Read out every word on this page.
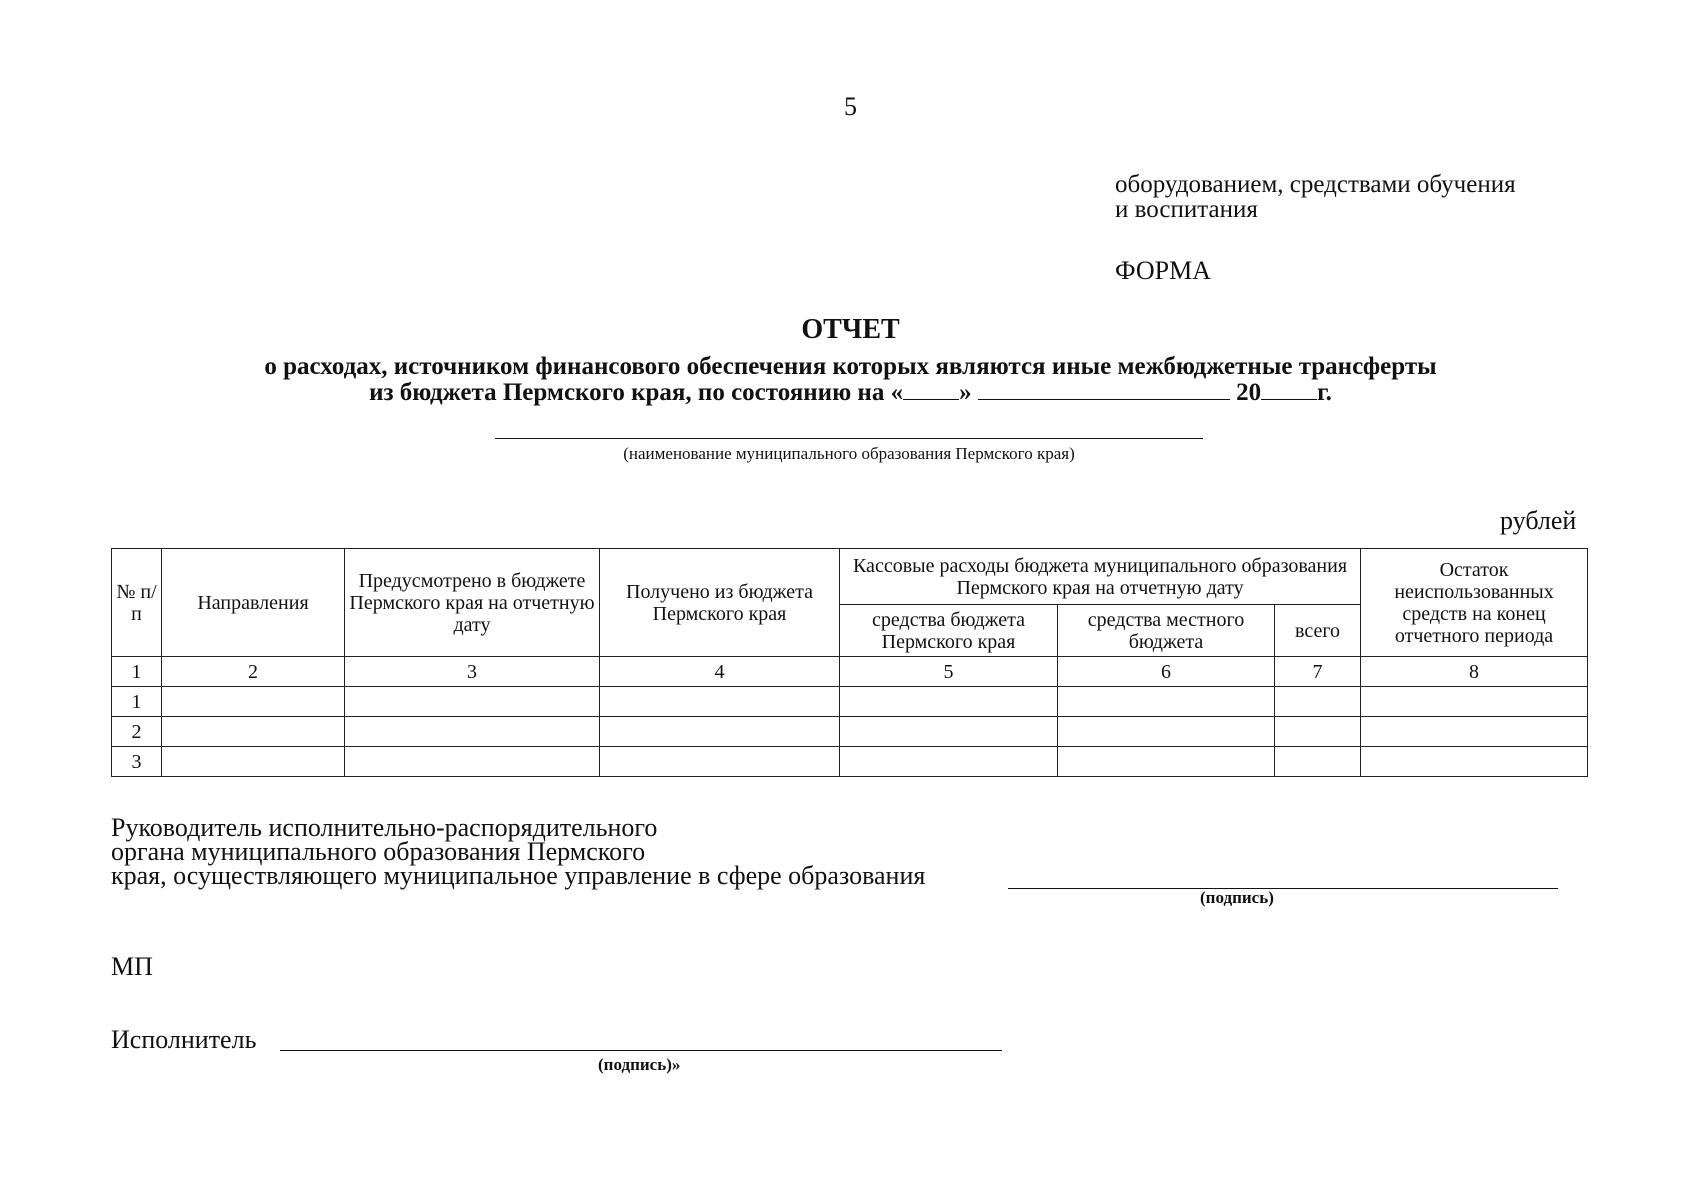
5
оборудованием, средствами обучения
и воспитания
ФОРМА
ОТЧЕТ
о расходах, источником финансового обеспечения которых являются иные межбюджетные трансферты
из бюджета Пермского края, по состоянию на « »	20 г.
(наименование муниципального образования Пермского края)
рублей
№ п/п	Направления	Предусмотрено в бюджете Пермского края на отчетную дату	Получено из бюджета Пермского края	Кассовые расходы бюджета муниципального образования Пермского края на отчетную дату			Остаток неиспользованных средств на конец отчетного периода
				средства бюджета Пермского края	средства местного бюджета	всего	
1	2	3	4	5	6	7	8
1							
2							
3							
Руководитель исполнительно-распорядительного
органа муниципального образования Пермского
края, осуществляющего муниципальное управление в сфере образования
(подпись)
МП
Исполнитель
(подпись)»
